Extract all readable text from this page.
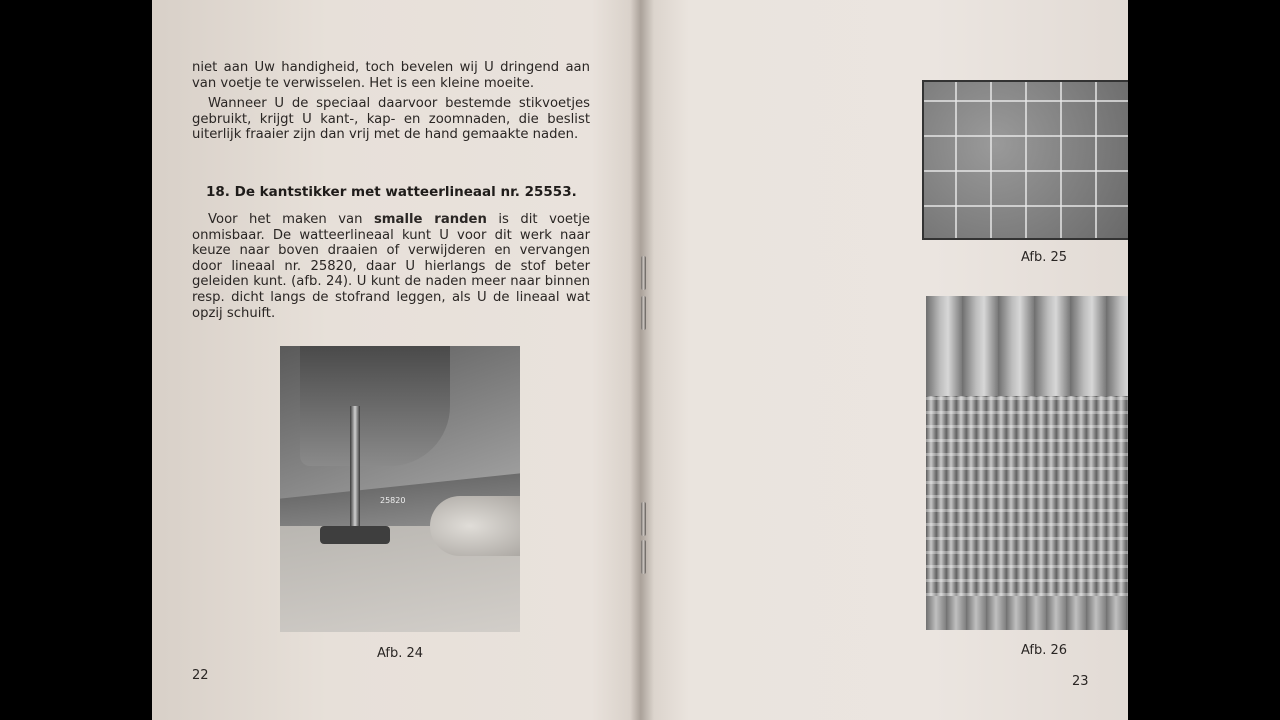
niet aan Uw handigheid, toch bevelen wij U dringend aan van voetje te verwisselen. Het is een kleine moeite.

Wanneer U de speciaal daarvoor bestemde stikvoetjes gebruikt, krijgt U kant-, kap- en zoomnaden, die beslist uiterlijk fraaier zijn dan vrij met de hand gemaakte naden.

18. De kantstikker met watteerlineaal nr. 25553.

Voor het maken van smalle randen is dit voetje onmisbaar. De watteerlineaal kunt U voor dit werk naar keuze naar boven draaien of verwijderen en vervangen door lineaal nr. 25820, daar U hierlangs de stof beter geleiden kunt. (afb. 24). U kunt de naden meer naar binnen resp. dicht langs de stofrand leggen, als U de lineaal wat opzij schuift.

25820
Afb. 24
22
Afb. 25
Afb. 26
23
